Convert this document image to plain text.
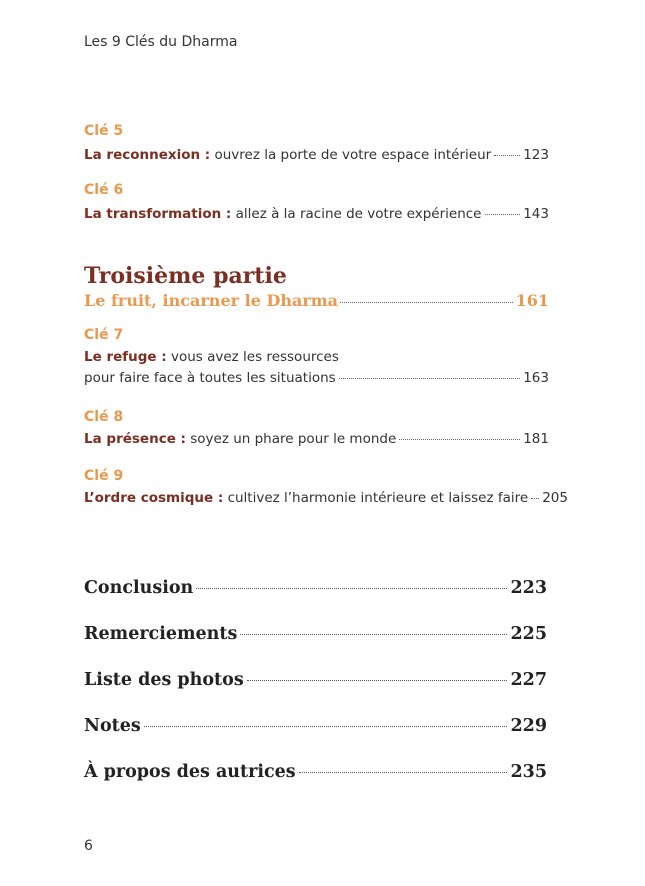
Les 9 Clés du Dharma
Clé 5
La reconnexion : ouvrez la porte de votre espace intérieur 123
Clé 6
La transformation : allez à la racine de votre expérience	143
Troisième partie
Le fruit, incarner le Dharma	161
Clé 7
Le refuge : vous avez les ressources
pour faire face à toutes les situations	163
Clé 8
La présence : soyez un phare pour le monde	181
Clé 9
L’ordre cosmique : cultivez l’harmonie intérieure et laissez faire 205
Conclusion	223
Remerciements	225
Liste des photos	227
Notes	229
À propos des autrices	235
6
